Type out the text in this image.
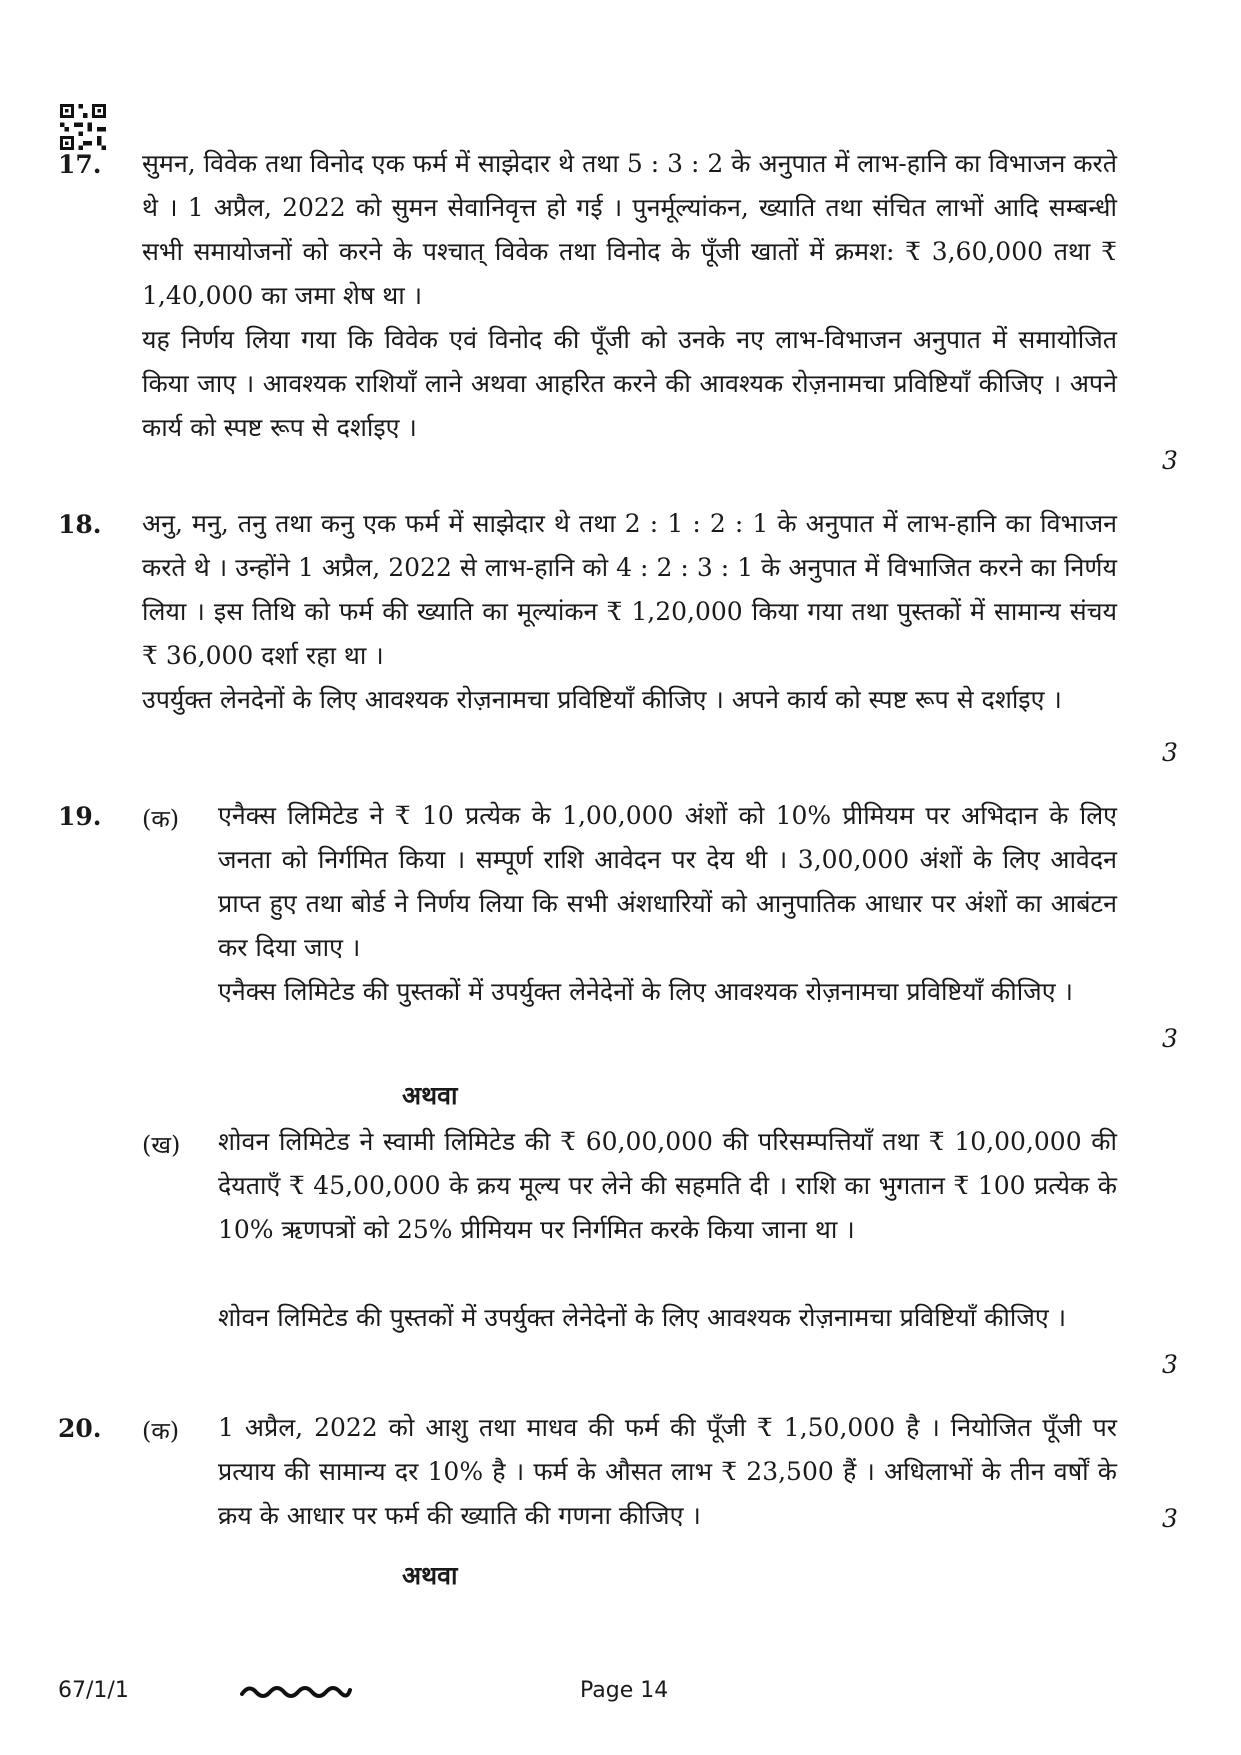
17. सुमन, विवेक तथा विनोद एक फर्म में साझेदार थे तथा 5 : 3 : 2 के अनुपात में लाभ-हानि का विभाजन करते थे । 1 अप्रैल, 2022 को सुमन सेवानिवृत्त हो गई । पुनर्मूल्यांकन, ख्याति तथा संचित लाभों आदि सम्बन्धी सभी समायोजनों को करने के पश्चात् विवेक तथा विनोद के पूँजी खातों में क्रमश: ₹ 3,60,000 तथा ₹ 1,40,000 का जमा शेष था ।
यह निर्णय लिया गया कि विवेक एवं विनोद की पूँजी को उनके नए लाभ-विभाजन अनुपात में समायोजित किया जाए । आवश्यक राशियाँ लाने अथवा आहरित करने की आवश्यक रोज़नामचा प्रविष्टियाँ कीजिए । अपने कार्य को स्पष्ट रूप से दर्शाइए ।
3
18. अनु, मनु, तनु तथा कनु एक फर्म में साझेदार थे तथा 2 : 1 : 2 : 1 के अनुपात में लाभ-हानि का विभाजन करते थे । उन्होंने 1 अप्रैल, 2022 से लाभ-हानि को 4 : 2 : 3 : 1 के अनुपात में विभाजित करने का निर्णय लिया । इस तिथि को फर्म की ख्याति का मूल्यांकन ₹ 1,20,000 किया गया तथा पुस्तकों में सामान्य संचय ₹ 36,000 दर्शा रहा था ।
उपर्युक्त लेनदेनों के लिए आवश्यक रोज़नामचा प्रविष्टियाँ कीजिए । अपने कार्य को स्पष्ट रूप से दर्शाइए ।
3
19. (क) एनैक्स लिमिटेड ने ₹ 10 प्रत्येक के 1,00,000 अंशों को 10% प्रीमियम पर अभिदान के लिए जनता को निर्गमित किया । सम्पूर्ण राशि आवेदन पर देय थी । 3,00,000 अंशों के लिए आवेदन प्राप्त हुए तथा बोर्ड ने निर्णय लिया कि सभी अंशधारियों को आनुपातिक आधार पर अंशों का आबंटन कर दिया जाए ।
एनैक्स लिमिटेड की पुस्तकों में उपर्युक्त लेनेदेनों के लिए आवश्यक रोज़नामचा प्रविष्टियाँ कीजिए ।
3
अथवा
(ख) शोवन लिमिटेड ने स्वामी लिमिटेड की ₹ 60,00,000 की परिसम्पत्तियाँ तथा ₹ 10,00,000 की देयताएँ ₹ 45,00,000 के क्रय मूल्य पर लेने की सहमति दी । राशि का भुगतान ₹ 100 प्रत्येक के 10% ऋणपत्रों को 25% प्रीमियम पर निर्गमित करके किया जाना था ।
शोवन लिमिटेड की पुस्तकों में उपर्युक्त लेनेदेनों के लिए आवश्यक रोज़नामचा प्रविष्टियाँ कीजिए ।
3
20. (क) 1 अप्रैल, 2022 को आशु तथा माधव की फर्म की पूँजी ₹ 1,50,000 है । नियोजित पूँजी पर प्रत्याय की सामान्य दर 10% है । फर्म के औसत लाभ ₹ 23,500 हैं । अधिलाभों के तीन वर्षों के क्रय के आधार पर फर्म की ख्याति की गणना कीजिए ।	3
अथवा
67/1/1	Page 14
